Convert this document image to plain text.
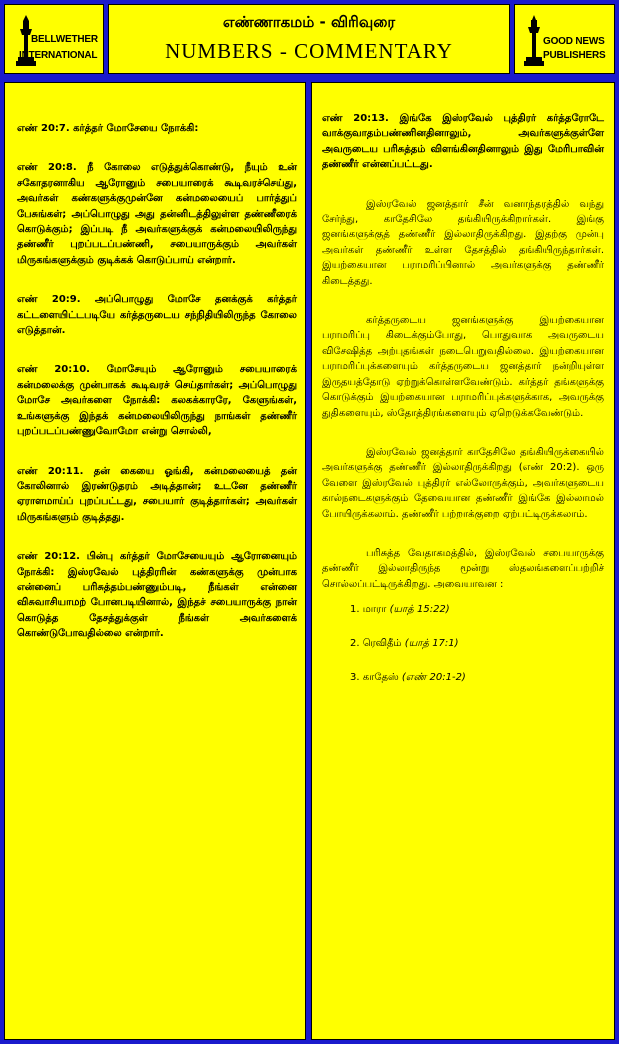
BELLWETHER
INTERNATIONAL
எண்ணாகமம் - விரிவுரை
NUMBERS - COMMENTARY	GOOD NEWS
PUBLISHERS

எண் 20:7. கர்த்தர் மோசேயை நோக்கி:

எண் 20:8. நீ கோலை எடுத்துக்கொண்டு, நீயும் உன் சகோதரனாகிய ஆரோனும் சபையாரைக் கூடிவரச்செய்து, அவர்கள் கண்களுக்குமுன்னே கன்மலையைப் பார்த்துப் பேசுங்கள்; அப்பொழுது அது தன்னிடத்திலுள்ள தண்ணீரைக் கொடுக்கும்; இப்படி நீ அவர்களுக்குக் கன்மலையிலிருந்து தண்ணீர் புறப்படப்பண்ணி, சபையாருக்கும் அவர்கள் மிருகங்களுக்கும் குடிக்கக் கொடுப்பாய் என்றார்.

எண் 20:9. அப்பொழுது மோசே தனக்குக் கர்த்தர் கட்டளையிட்டபடியே கர்த்தருடைய சந்நிதியிலிருந்த கோலை எடுத்தான்.

எண் 20:10. மோசேயும் ஆரோனும் சபையாரைக் கன்மலைக்கு முன்பாகக் கூடிவரச் செய்தார்கள்; அப்பொழுது மோசே அவர்களை நோக்கி: கலகக்காரரே, கேளுங்கள், உங்களுக்கு இந்தக் கன்மலையிலிருந்து நாங்கள் தண்ணீர் புறப்படப்பண்ணுவோமோ என்று சொல்லி,

எண் 20:11. தன் கையை ஓங்கி, கன்மலையைத் தன் கோலினால் இரண்டுதரம் அடித்தான்; உடனே தண்ணீர் ஏராளமாய்ப் புறப்பட்டது, சபையார் குடித்தார்கள்; அவர்கள் மிருகங்களும் குடித்தது.

எண் 20:12. பின்பு கர்த்தர் மோசேயையும் ஆரோனையும் நோக்கி: இஸ்ரவேல் புத்திரரின் கண்களுக்கு முன்பாக என்னைப் பரிசுத்தம்பண்ணும்படி, நீங்கள் என்னை விசுவாசியாமற் போனபடியினால், இந்தச் சபையாருக்கு நான் கொடுத்த தேசத்துக்குள் நீங்கள் அவர்களைக் கொண்டுபோவதில்லை என்றார்.

எண் 20:13. இங்கே இஸ்ரவேல் புத்திரர் கர்த்தரோடே வாக்குவாதம்பண்ணினதினாலும், அவர்களுக்குள்ளே அவருடைய பரிசுத்தம் விளங்கினதினாலும் இது மேரிபாவின் தண்ணீர் என்னப்பட்டது.

இஸ்ரவேல் ஜனத்தார் சீன் வனாந்தரத்தில் வந்து சேர்ந்து, காதேசிலே தங்கியிருக்கிறார்கள். இங்கு ஜனங்களுக்குத் தண்ணீர் இல்லாதிருக்கிறது. இதற்கு முன்பு அவர்கள் தண்ணீர் உள்ள தேசத்தில் தங்கியிருந்தார்கள். இயற்கையான பராமரிப்பினால் அவர்களுக்கு தண்ணீர் கிடைத்தது.

கர்த்தருடைய ஜனங்களுக்கு இயற்கையான பராமரிப்பு கிடைக்கும்போது, பொதுவாக அவருடைய விசேஷித்த அற்புதங்கள் நடைபெறுவதில்லை. இயற்கையான பராமரிப்புக்களையும் கர்த்தருடைய ஜனத்தார் நன்றியுள்ள இருதயத்தோடு ஏற்றுக்கொள்ளவேண்டும். கர்த்தர் தங்களுக்கு கொடுக்கும் இயற்கையான பராமரிப்புக்களுக்காக, அவருக்கு துதிகளையும், ஸ்தோத்திரங்களையும் ஏறெடுக்கவேண்டும்.

இஸ்ரவேல் ஜனத்தார் காதேசிலே தங்கியிருக்கையில் அவர்களுக்கு தண்ணீர் இல்லாதிருக்கிறது (எண் 20:2). ஒரு வேளை இஸ்ரவேல் புத்திரர் எல்லோருக்கும், அவர்களுடைய கால்நடைகளுக்கும் தேவையான தண்ணீர் இங்கே இல்லாமல் போயிருக்கலாம். தண்ணீர் பற்றாக்குறை ஏற்பட்டிருக்கலாம்.

பரிசுத்த வேதாகமத்தில், இஸ்ரவேல் சபையாருக்கு தண்ணீர் இல்லாதிருந்த மூன்று ஸ்தலங்களைப்பற்றிச் சொல்லப்பட்டிருக்கிறது. அவையாவன :

1. மாரா (யாத் 15:22)
2. ரெவிதீம் (யாத் 17:1)
3. காதேஸ் (எண் 20:1-2)
